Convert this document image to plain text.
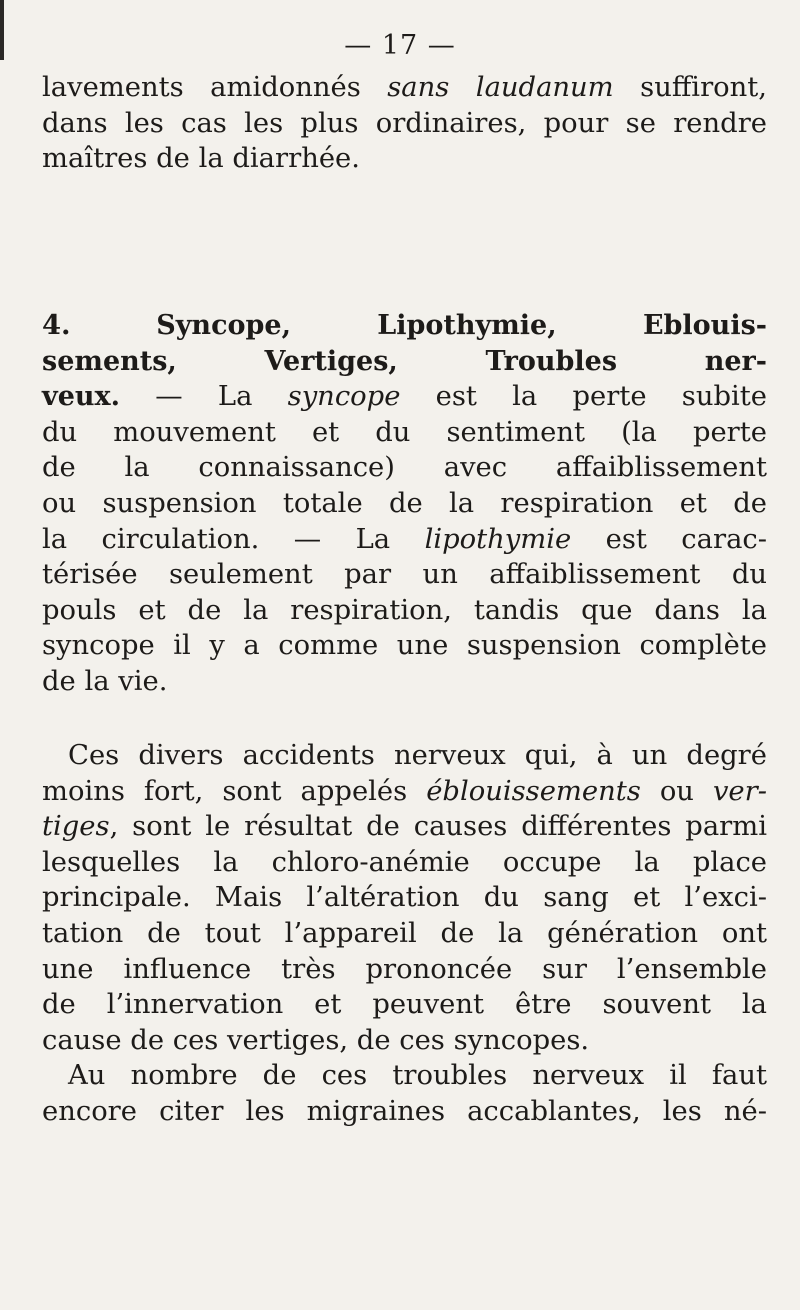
— 17 —
lavements amidonnés sans laudanum suffiront,
dans les cas les plus ordinaires, pour se rendre
maîtres de la diarrhée.
4.	Syncope, Lipothymie, Eblouis-
sements, Vertiges, Troubles ner-
veux. — La syncope est la perte subite
du mouvement et du sentiment (la perte
de la connaissance) avec affaiblissement
ou suspension totale de la respiration et de
la circulation. — La lipothymie est carac-
térisée seulement par un affaiblissement du
pouls et de la respiration, tandis que dans la
syncope il y a comme une suspension complète
de la vie.
Ces divers accidents nerveux qui, à un degré
moins fort, sont appelés éblouissements ou ver-
tiges, sont le résultat de causes différentes parmi
lesquelles la chloro-anémie occupe la place
principale. Mais l’altération du sang et l’exci-
tation de tout l’appareil de la génération ont
une influence très prononcée sur l’ensemble
de l’innervation et peuvent être souvent la
cause de ces vertiges, de ces syncopes.
Au nombre de ces troubles nerveux il faut
encore citer les migraines accablantes, les né-
